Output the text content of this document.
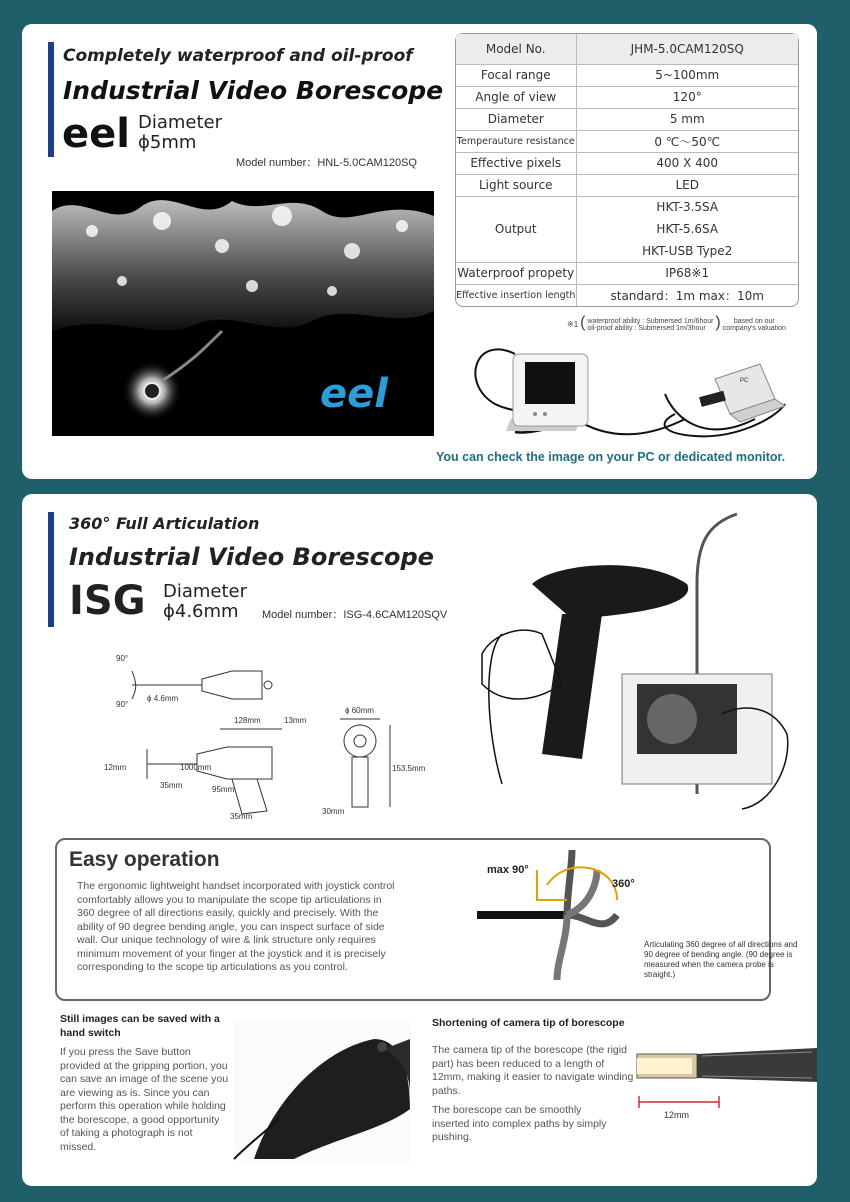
Completely waterproof and oil-proof
Industrial Video Borescope
eel Diameter
ϕ5mm
Model number：HNL-5.0CAM120SQ
eel
Model No.	JHM-5.0CAM120SQ
Focal range	5~100mm
Angle of view	120°
Diameter	5 mm
Temperauture resistance	0 ℃～50℃
Effective pixels	400 X 400
Light source	LED
Output	HKT-3.5SA
	HKT-5.6SA
	HKT-USB Type2
Waterproof propety	IP68※1
Effective insertion length	standard：1m max：10m
※1 ( waterproof ability : Submersed 1m/6hour
oil-proof ability : Submersed 1m/3hour )	based on our
company's valuation
PC
You can check the image on your PC or dedicated monitor.
360° Full Articulation
Industrial Video Borescope
ISG Diameter
ϕ4.6mm Model number：ISG-4.6CAM120SQV
90°
90°
ϕ 4.6mm
128mm	13mm
12mm	1000mm
35mm	95mm
35mm
ϕ 60mm
153.5mm
30mm
Easy operation
The ergonomic lightweight handset incorporated with joystick control comfortably allows you to manipulate the scope tip articulations in 360 degree of all directions easily, quickly and precisely. With the ability of 90 degree bending angle, you can inspect surface of side wall. Our unique technology of wire & link structure only requires minimum movement of your finger at the joystick and it is precisely corresponding to the scope tip articulations as you control.
max 90°
360°
Articulating 360 degree of all directions and 90 degree of bending angle. (90 degree is measured when the camera probe is straight.)
Still images can be saved with a hand switch
If you press the Save button provided at the gripping portion, you can save an image of the scene you are viewing as is. Since you can perform this operation while holding the borescope, a good opportunity of taking a photograph is not missed.
Shortening of camera tip of borescope
The camera tip of the borescope (the rigid part) has been reduced to a length of 12mm, making it easier to navigate winding paths.
The borescope can be smoothly inserted into complex paths by simply pushing.
12mm
